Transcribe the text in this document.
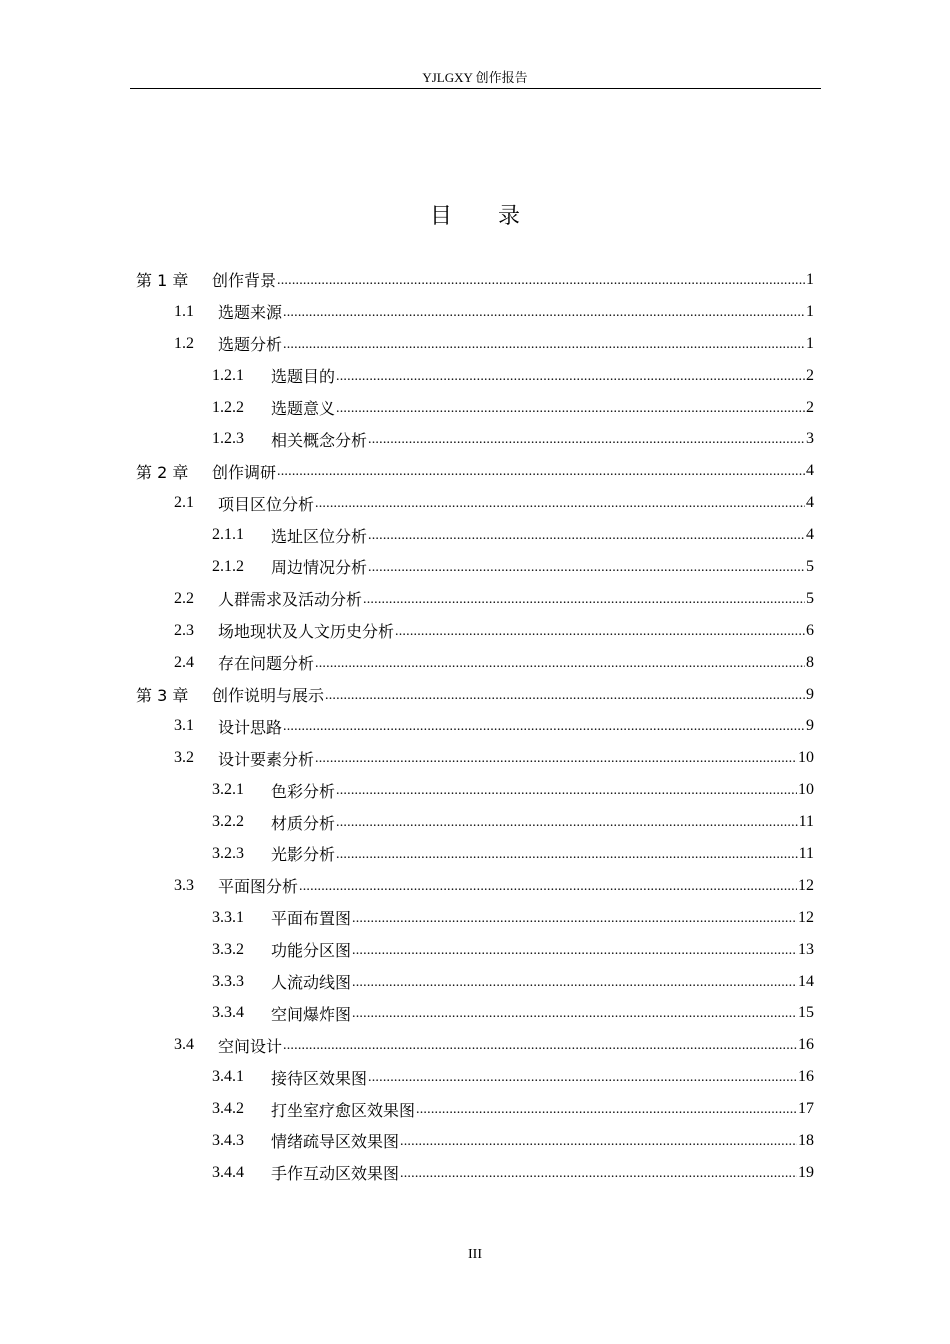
YJLGXY 创作报告
目 录
第 1 章	创作背景 .....	1
1.1	选题来源 .....	1
1.2	选题分析 .....	1
1.2.1	选题目的 .....	2
1.2.2	选题意义 .....	2
1.2.3	相关概念分析 .....	3
第 2 章	创作调研 .....	4
2.1	项目区位分析 .....	4
2.1.1	选址区位分析 .....	4
2.1.2	周边情况分析 .....	5
2.2	人群需求及活动分析 .....	5
2.3	场地现状及人文历史分析 .....	6
2.4	存在问题分析 .....	8
第 3 章	创作说明与展示 .....	9
3.1	设计思路 .....	9
3.2	设计要素分析 .....	10
3.2.1	色彩分析 .....	10
3.2.2	材质分析 .....	11
3.2.3	光影分析 .....	11
3.3	平面图分析 .....	12
3.3.1	平面布置图 .....	12
3.3.2	功能分区图 .....	13
3.3.3	人流动线图 .....	14
3.3.4	空间爆炸图 .....	15
3.4	空间设计 .....	16
3.4.1	接待区效果图 .....	16
3.4.2	打坐室疗愈区效果图 .....	17
3.4.3	情绪疏导区效果图 .....	18
3.4.4	手作互动区效果图 .....	19
III
